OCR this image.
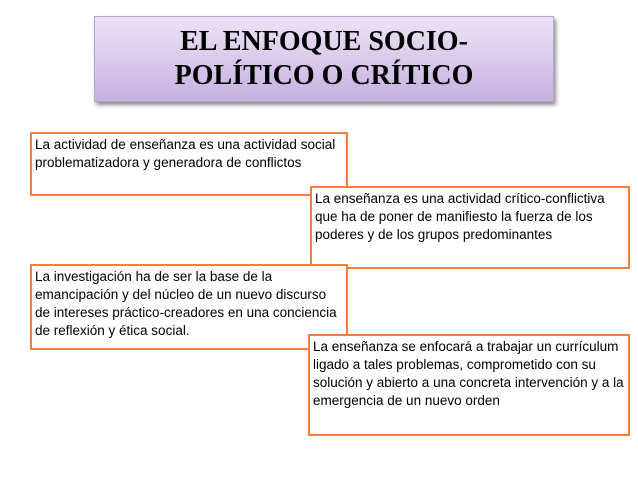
EL ENFOQUE SOCIO-
POLÍTICO O CRÍTICO
La actividad de enseñanza es una actividad social problematizadora y generadora de conflictos
La enseñanza es una actividad crítico-conflictiva que ha de poner de manifiesto la fuerza de los poderes y de los grupos predominantes
La investigación ha de ser la base de la emancipación y del núcleo de un nuevo discurso de intereses práctico-creadores en una conciencia de reflexión y ética social.
La enseñanza se enfocará a trabajar un currículum ligado a tales problemas, comprometido con su solución y abierto a una concreta intervención y a la emergencia de un nuevo orden
